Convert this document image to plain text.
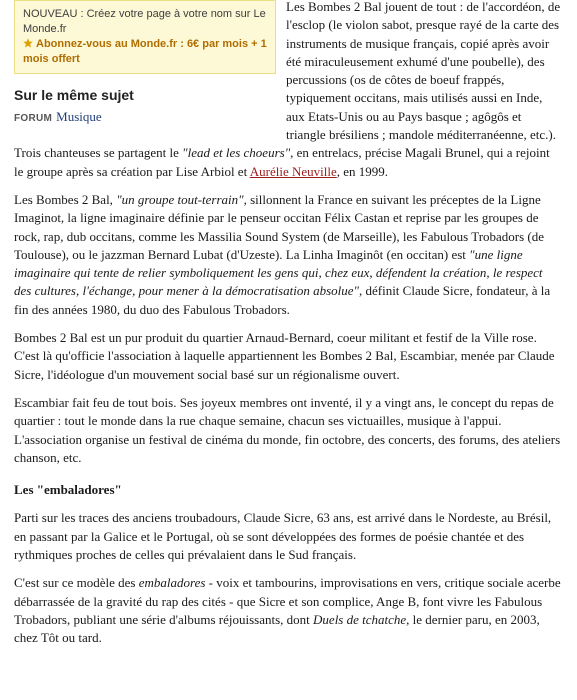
NOUVEAU : Créez votre page à votre nom sur Le Monde.fr
Abonnez-vous au Monde.fr : 6€ par mois + 1 mois offert
Sur le même sujet
FORUM Musique

Les Bombes 2 Bal jouent de tout : de l'accordéon, de l'esclop (le violon sabot, presque rayé de la carte des instruments de musique français, copié après avoir été miraculeusement exhumé d'une poubelle), des percussions (os de côtes de boeuf frappés, typiquement occitans, mais utilisés aussi en Inde, aux Etats-Unis ou au Pays basque ; agôgôs et triangle brésiliens ; mandole méditerranéenne, etc.). Trois chanteuses se partagent le "lead et les choeurs", en entrelacs, précise Magali Brunel, qui a rejoint le groupe après sa création par Lise Arbiol et Aurélie Neuville, en 1999.

Les Bombes 2 Bal, "un groupe tout-terrain", sillonnent la France en suivant les préceptes de la Ligne Imaginot, la ligne imaginaire définie par le penseur occitan Félix Castan et reprise par les groupes de rock, rap, dub occitans, comme les Massilia Sound System (de Marseille), les Fabulous Trobadors (de Toulouse), ou le jazzman Bernard Lubat (d'Uzeste). La Linha Imaginôt (en occitan) est "une ligne imaginaire qui tente de relier symboliquement les gens qui, chez eux, défendent la création, le respect des cultures, l'échange, pour mener à la démocratisation absolue", définit Claude Sicre, fondateur, à la fin des années 1980, du duo des Fabulous Trobadors.

Bombes 2 Bal est un pur produit du quartier Arnaud-Bernard, coeur militant et festif de la Ville rose. C'est là qu'officie l'association à laquelle appartiennent les Bombes 2 Bal, Escambiar, menée par Claude Sicre, l'idéologue d'un mouvement social basé sur un régionalisme ouvert.

Escambiar fait feu de tout bois. Ses joyeux membres ont inventé, il y a vingt ans, le concept du repas de quartier : tout le monde dans la rue chaque semaine, chacun ses victuailles, musique à l'appui. L'association organise un festival de cinéma du monde, fin octobre, des concerts, des forums, des ateliers chanson, etc.

Les "embaladores"

Parti sur les traces des anciens troubadours, Claude Sicre, 63 ans, est arrivé dans le Nordeste, au Brésil, en passant par la Galice et le Portugal, où se sont développées des formes de poésie chantée et des rythmiques proches de celles qui prévalaient dans le Sud français.

C'est sur ce modèle des embaladores - voix et tambourins, improvisations en vers, critique sociale acerbe débarrassée de la gravité du rap des cités - que Sicre et son complice, Ange B, font vivre les Fabulous Trobadors, publiant une série d'albums réjouissants, dont Duels de tchatche, le dernier paru, en 2003, chez Tôt ou tard.
